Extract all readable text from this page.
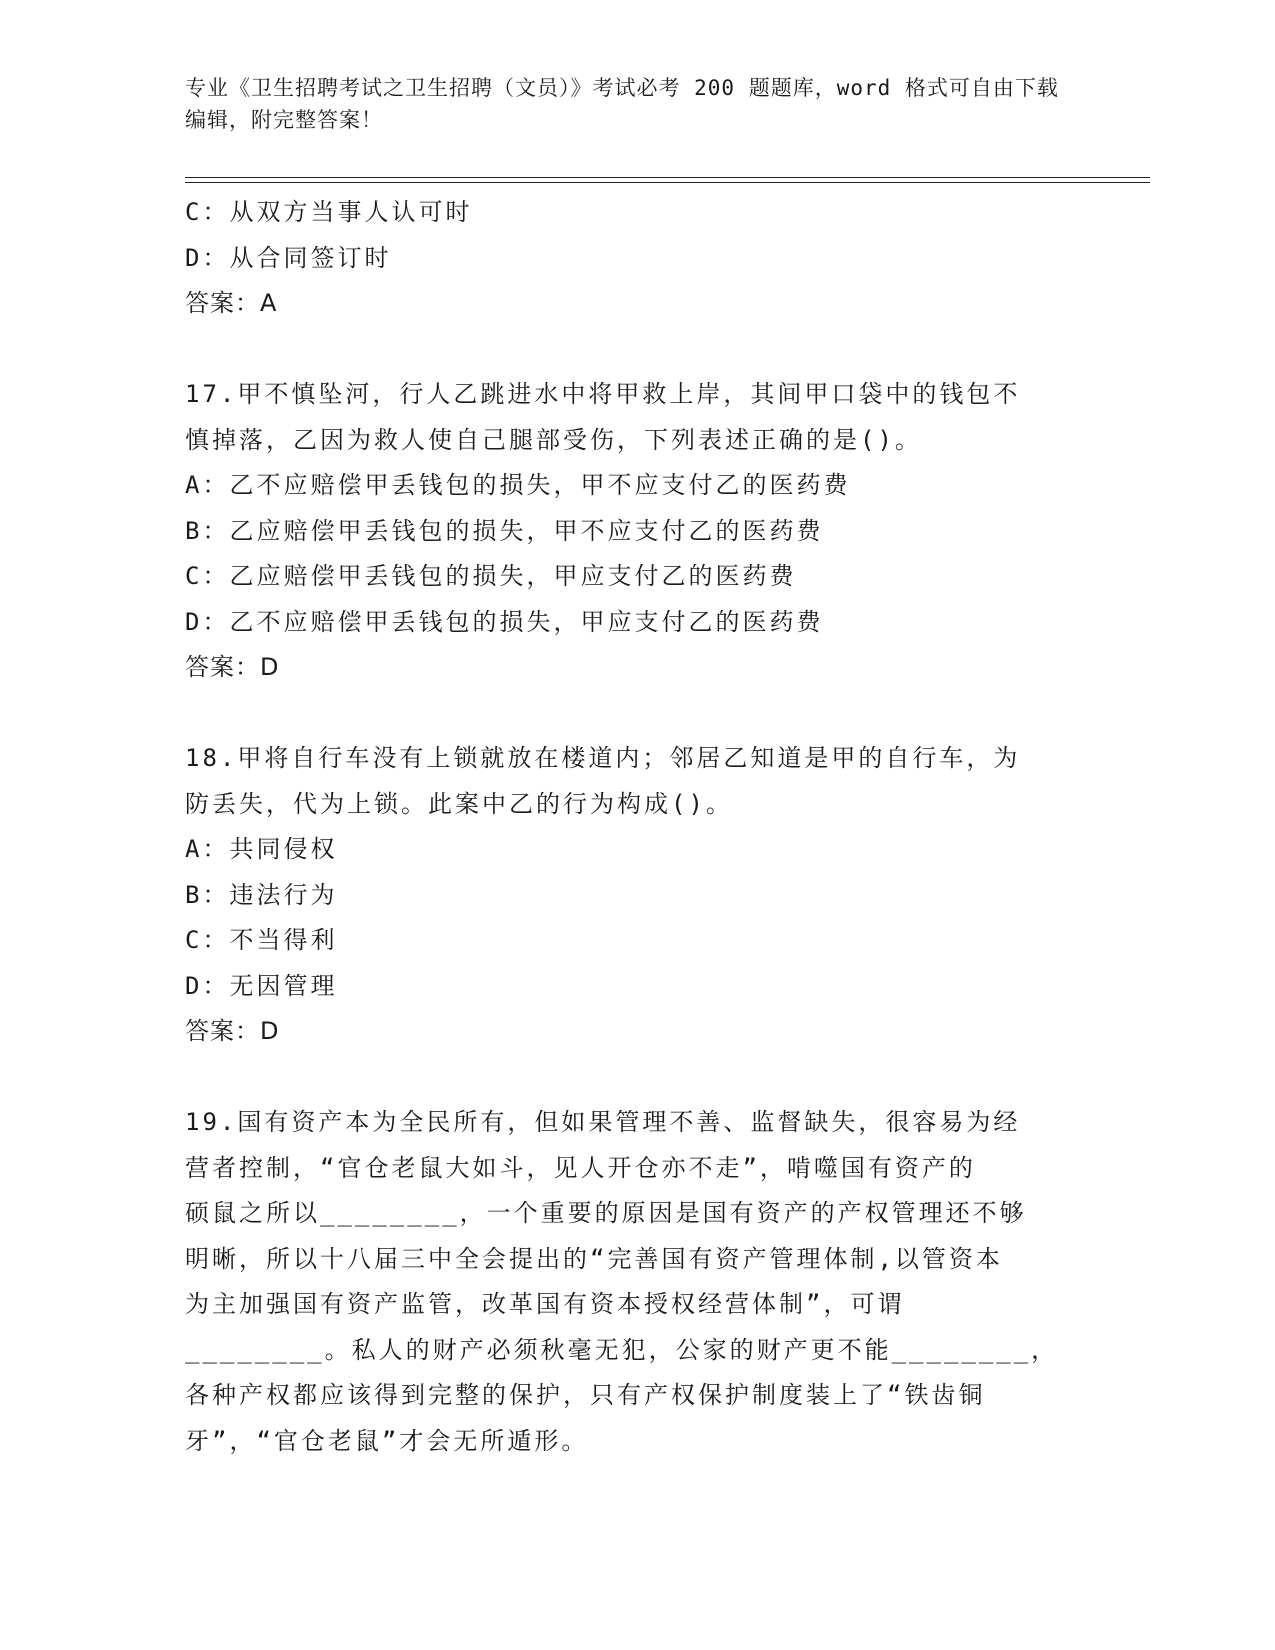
专业《卫生招聘考试之卫生招聘（文员）》考试必考 200 题题库，word 格式可自由下载编辑，附完整答案！
C：从双方当事人认可时
D：从合同签订时
答案：A
17.甲不慎坠河，行人乙跳进水中将甲救上岸，其间甲口袋中的钱包不
慎掉落，乙因为救人使自己腿部受伤，下列表述正确的是()。
A：乙不应赔偿甲丢钱包的损失，甲不应支付乙的医药费
B：乙应赔偿甲丢钱包的损失，甲不应支付乙的医药费
C：乙应赔偿甲丢钱包的损失，甲应支付乙的医药费
D：乙不应赔偿甲丢钱包的损失，甲应支付乙的医药费
答案：D
18.甲将自行车没有上锁就放在楼道内；邻居乙知道是甲的自行车，为
防丢失，代为上锁。此案中乙的行为构成()。
A：共同侵权
B：违法行为
C：不当得利
D：无因管理
答案：D
19.国有资产本为全民所有，但如果管理不善、监督缺失，很容易为经
营者控制，“官仓老鼠大如斗，见人开仓亦不走”，啃噬国有资产的
硕鼠之所以________，一个重要的原因是国有资产的产权管理还不够
明晰，所以十八届三中全会提出的“完善国有资产管理体制,以管资本
为主加强国有资产监管，改革国有资本授权经营体制”，可谓
________。私人的财产必须秋毫无犯，公家的财产更不能________，
各种产权都应该得到完整的保护，只有产权保护制度装上了“铁齿铜
牙”，“官仓老鼠”才会无所遁形。
